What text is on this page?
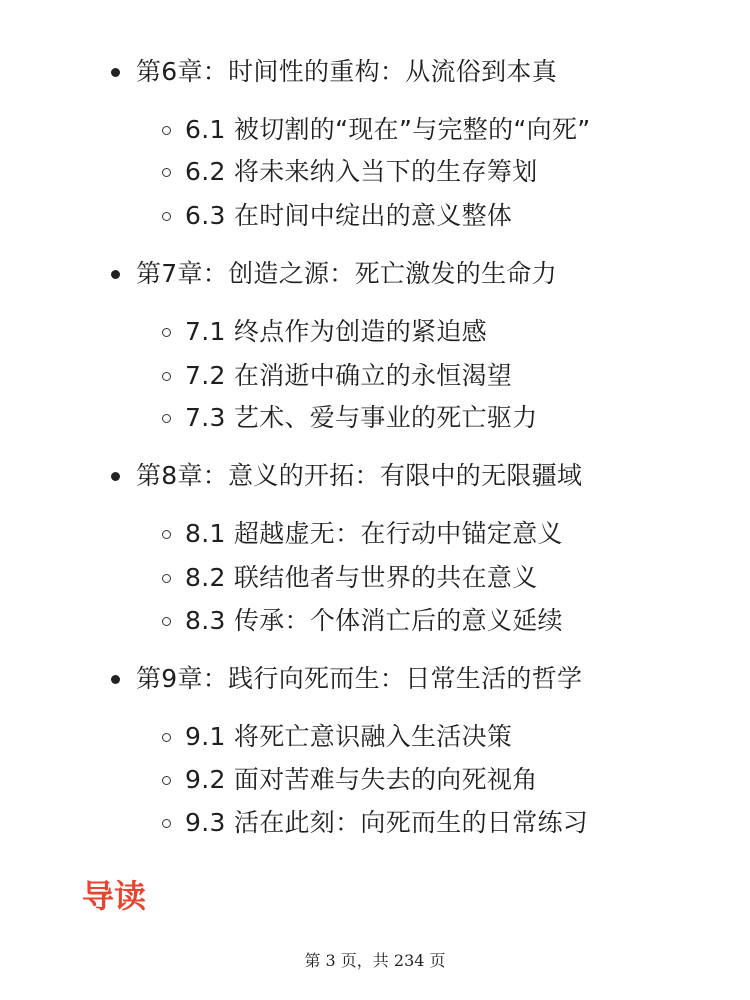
第6章：时间性的重构：从流俗到本真
6.1 被切割的“现在”与完整的“向死”
6.2 将未来纳入当下的生存筹划
6.3 在时间中绽出的意义整体
第7章：创造之源：死亡激发的生命力
7.1 终点作为创造的紧迫感
7.2 在消逝中确立的永恒渴望
7.3 艺术、爱与事业的死亡驱力
第8章：意义的开拓：有限中的无限疆域
8.1 超越虚无：在行动中锚定意义
8.2 联结他者与世界的共在意义
8.3 传承：个体消亡后的意义延续
第9章：践行向死而生：日常生活的哲学
9.1 将死亡意识融入生活决策
9.2 面对苦难与失去的向死视角
9.3 活在此刻：向死而生的日常练习
导读
第 3 页，共 234 页
